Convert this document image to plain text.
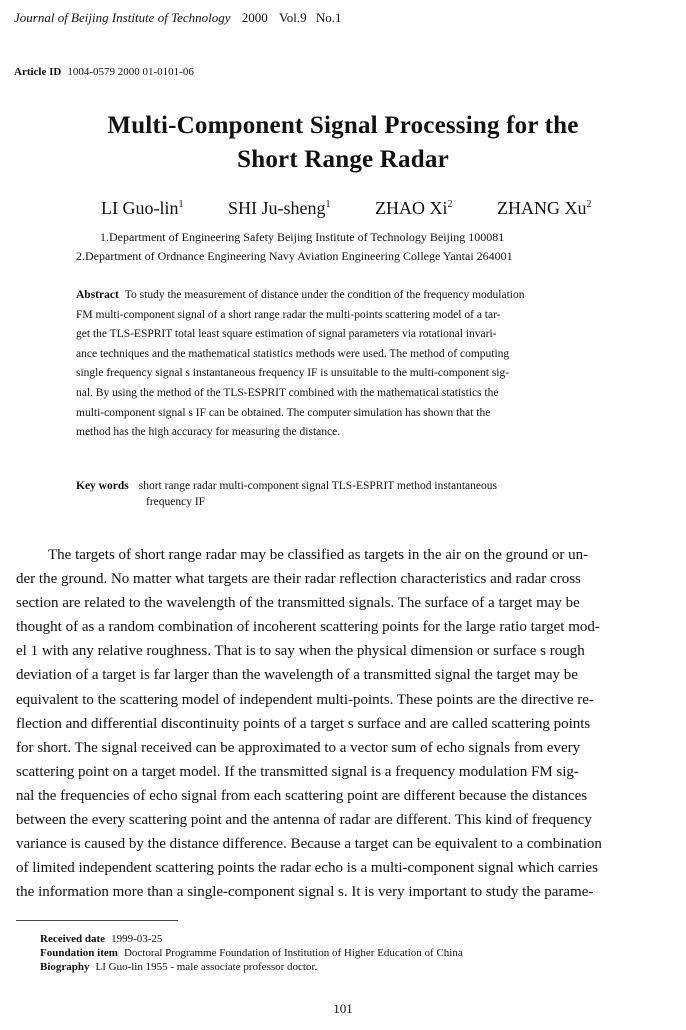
Journal of Beijing Institute of Technology 2000 Vol.9 No.1
Article ID 1004-0579 2000 01-0101-06
Multi-Component Signal Processing for the
Short Range Radar
LI Guo-lin$^1$ SHI Ju-sheng$^1$ ZHAO Xi$^2$ ZHANG Xu$^2$
1.Department of Engineering Safety Beijing Institute of Technology Beijing 100081
2.Department of Ordnance Engineering Navy Aviation Engineering College Yantai 264001
Abstract To study the measurement of distance under the condition of the frequency modulation
FM multi-component signal of a short range radar the multi-points scattering model of a tar-
get the TLS-ESPRIT total least square estimation of signal parameters via rotational invari-
ance techniques and the mathematical statistics methods were used. The method of computing
single frequency signal s instantaneous frequency IF is unsuitable to the multi-component sig-
nal. By using the method of the TLS-ESPRIT combined with the mathematical statistics the
multi-component signal s IF can be obtained. The computer simulation has shown that the
method has the high accuracy for measuring the distance.
Key words short range radar multi-component signal TLS-ESPRIT method instantaneous
frequency IF
The targets of short range radar may be classified as targets in the air on the ground or un-
der the ground. No matter what targets are their radar reflection characteristics and radar cross
section are related to the wavelength of the transmitted signals. The surface of a target may be
thought of as a random combination of incoherent scattering points for the large ratio target mod-
el 1 with any relative roughness. That is to say when the physical dimension or surface s rough
deviation of a target is far larger than the wavelength of a transmitted signal the target may be
equivalent to the scattering model of independent multi-points. These points are the directive re-
flection and differential discontinuity points of a target s surface and are called scattering points
for short. The signal received can be approximated to a vector sum of echo signals from every
scattering point on a target model. If the transmitted signal is a frequency modulation FM sig-
nal the frequencies of echo signal from each scattering point are different because the distances
between the every scattering point and the antenna of radar are different. This kind of frequency
variance is caused by the distance difference. Because a target can be equivalent to a combination
of limited independent scattering points the radar echo is a multi-component signal which carries
the information more than a single-component signal s. It is very important to study the parame-
Received date 1999-03-25
Foundation item Doctoral Programme Foundation of Institution of Higher Education of China
Biography LI Guo-lin 1955 - male associate professor doctor.
101
